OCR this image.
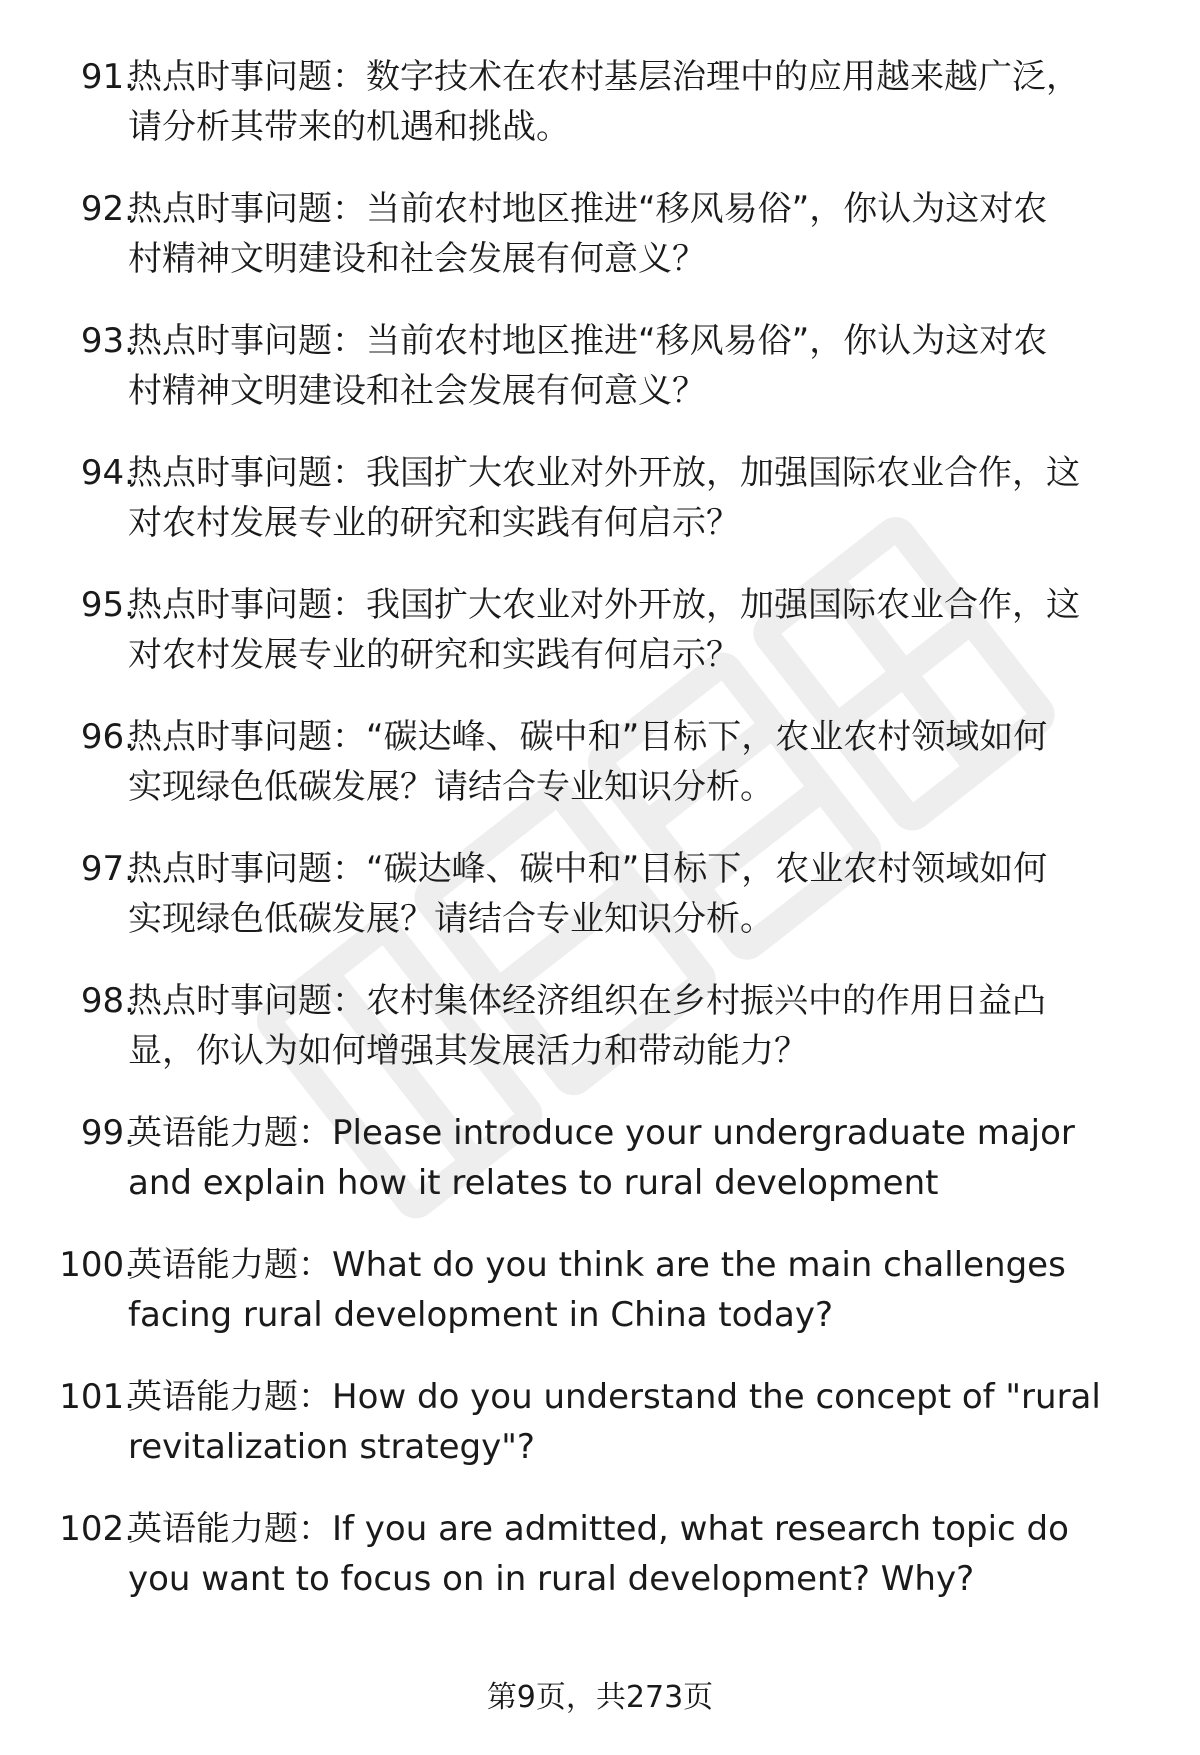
91.
热点时事问题：数字技术在农村基层治理中的应用越来越广泛，
请分析其带来的机遇和挑战。
92.
热点时事问题：当前农村地区推进“移风易俗”，你认为这对农
村精神文明建设和社会发展有何意义？
93.
热点时事问题：当前农村地区推进“移风易俗”，你认为这对农
村精神文明建设和社会发展有何意义？
94.
热点时事问题：我国扩大农业对外开放，加强国际农业合作，这
对农村发展专业的研究和实践有何启示？
95.
热点时事问题：我国扩大农业对外开放，加强国际农业合作，这
对农村发展专业的研究和实践有何启示？
96.
热点时事问题：“碳达峰、碳中和”目标下，农业农村领域如何
实现绿色低碳发展？请结合专业知识分析。
97.
热点时事问题：“碳达峰、碳中和”目标下，农业农村领域如何
实现绿色低碳发展？请结合专业知识分析。
98.
热点时事问题：农村集体经济组织在乡村振兴中的作用日益凸
显，你认为如何增强其发展活力和带动能力？
99.
英语能力题：Please introduce your undergraduate major
and explain how it relates to rural development
100.
英语能力题：What do you think are the main challenges
facing rural development in China today?
101.
英语能力题：How do you understand the concept of "rural
revitalization strategy"?
102.
英语能力题：If you are admitted, what research topic do
you want to focus on in rural development? Why?
第9页，共273页
